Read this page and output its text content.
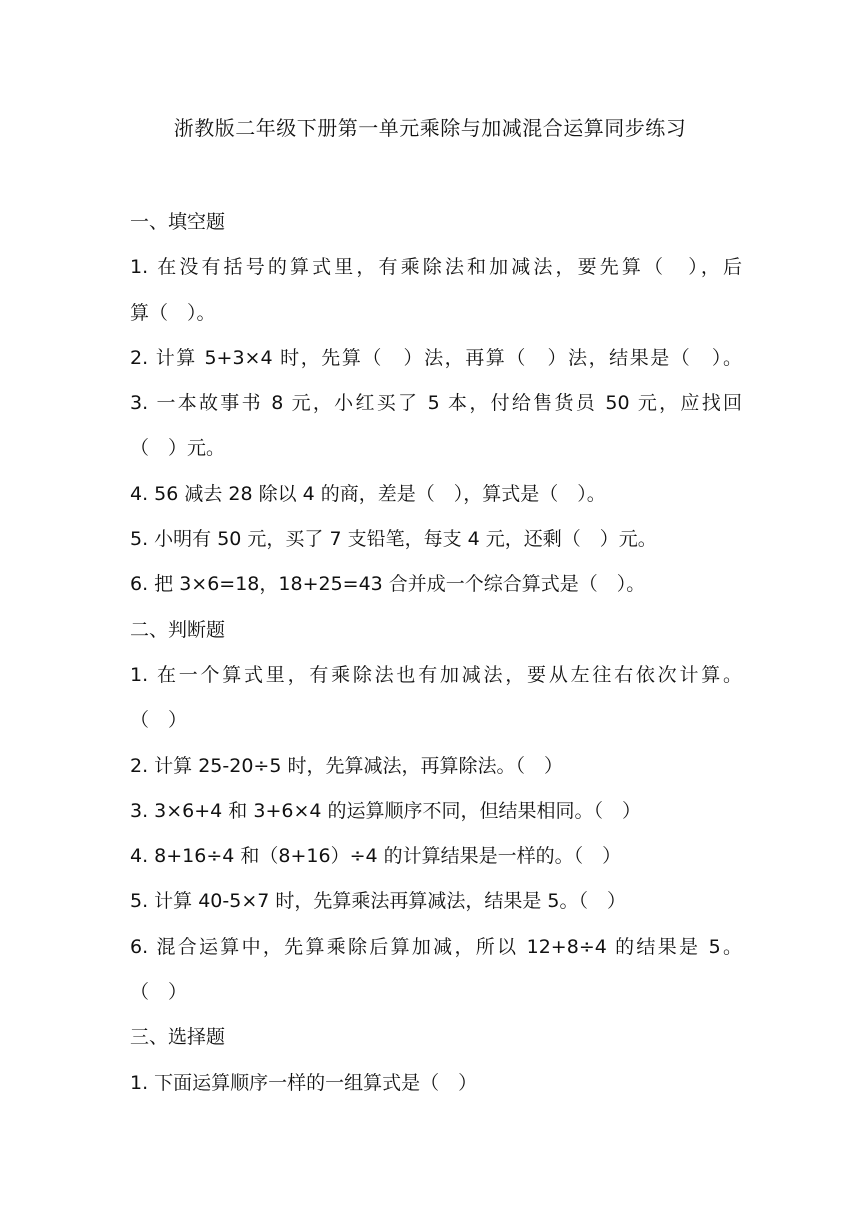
浙教版二年级下册第一单元乘除与加减混合运算同步练习
一、填空题
1. 在没有括号的算式里，有乘除法和加减法，要先算（　），后
算（　）。
2. 计算 5+3×4 时，先算（　）法，再算（　）法，结果是（　）。
3. 一本故事书 8 元，小红买了 5 本，付给售货员 50 元，应找回
（　）元。
4. 56 减去 28 除以 4 的商，差是（　），算式是（　）。
5. 小明有 50 元，买了 7 支铅笔，每支 4 元，还剩（　）元。
6. 把 3×6=18，18+25=43 合并成一个综合算式是（　）。
二、判断题
1. 在一个算式里，有乘除法也有加减法，要从左往右依次计算。
（　）
2. 计算 25-20÷5 时，先算减法，再算除法。（　）
3. 3×6+4 和 3+6×4 的运算顺序不同，但结果相同。（　）
4. 8+16÷4 和（8+16）÷4 的计算结果是一样的。（　）
5. 计算 40-5×7 时，先算乘法再算减法，结果是 5。（　）
6. 混合运算中，先算乘除后算加减，所以 12+8÷4 的结果是 5。
（　）
三、选择题
1. 下面运算顺序一样的一组算式是（　）
